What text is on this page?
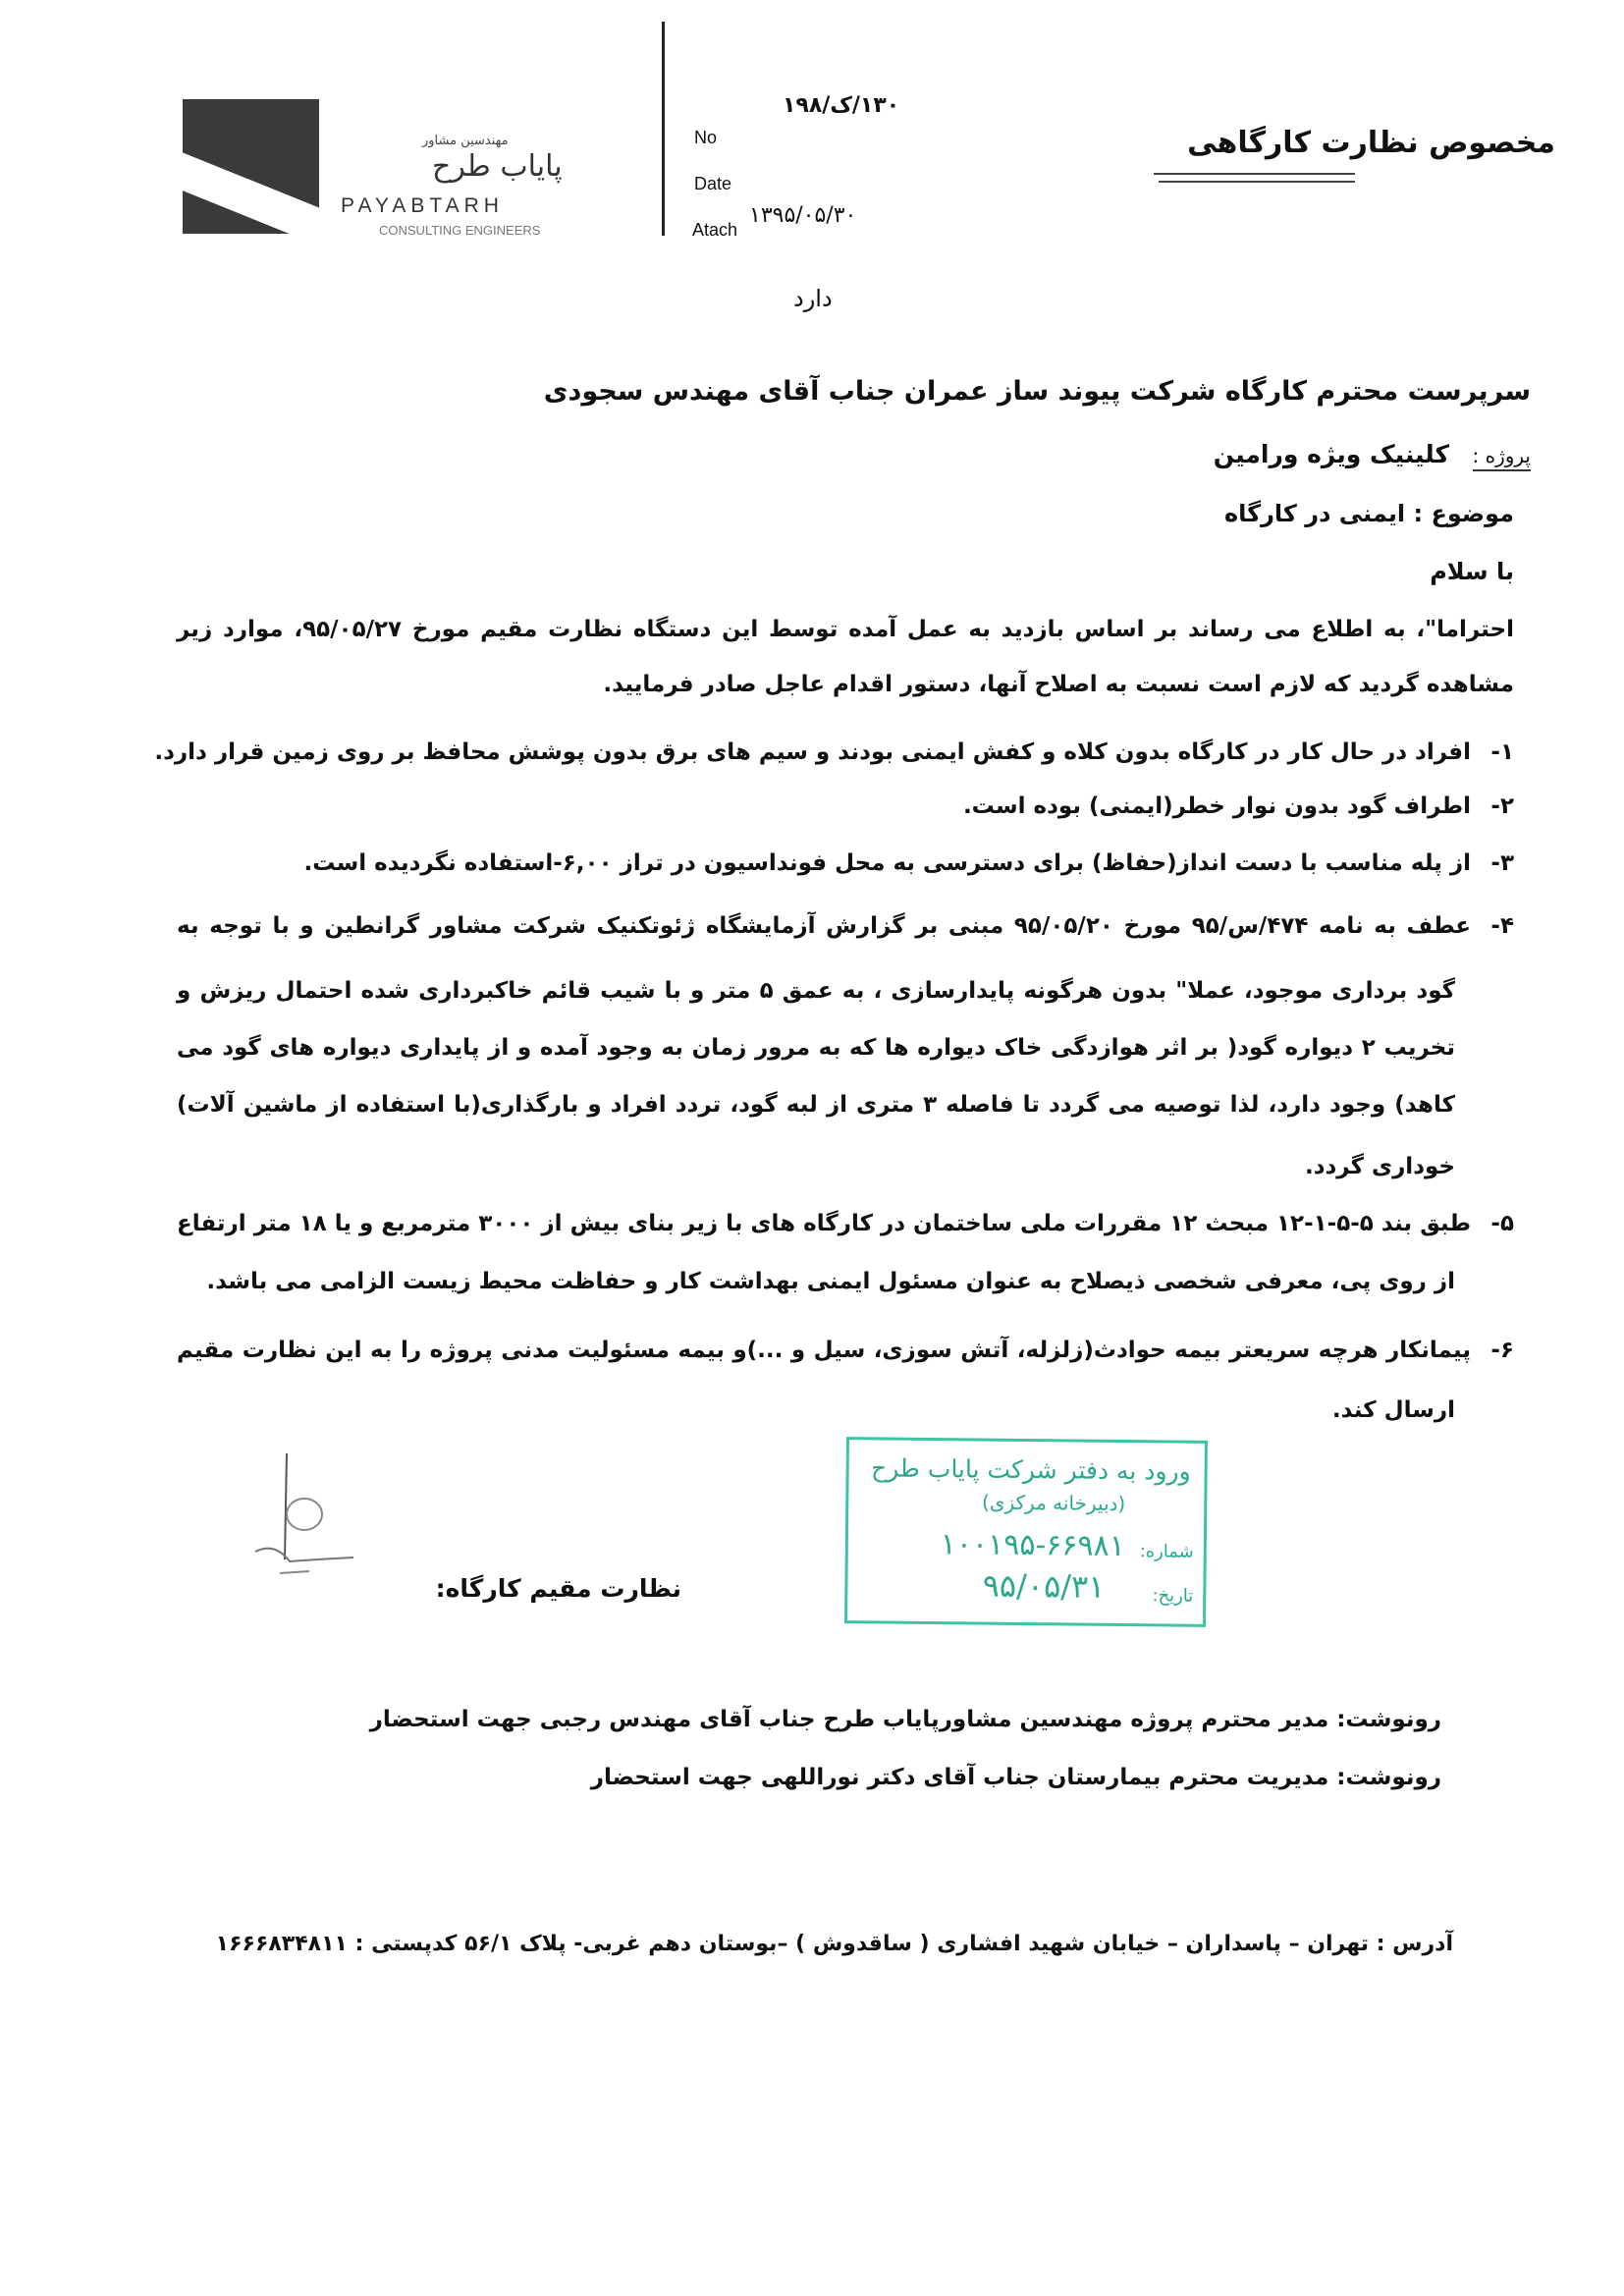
مهندسین مشاور
پایاب طرح
PAYABTARH
CONSULTING ENGINEERS
No
Date
Atach
۱۳۰/ک/۱۹۸
۱۳۹۵/۰۵/۳۰
دارد
مخصوص نظارت کارگاهی
سرپرست محترم کارگاه شرکت پیوند ساز عمران جناب آقای مهندس سجودی
پروژه :
کلینیک ویژه ورامین
موضوع : ایمنی در کارگاه
با سلام
احتراما"، به اطلاع می رساند بر اساس بازدید به عمل آمده توسط این دستگاه نظارت مقیم مورخ ۹۵/۰۵/۲۷، موارد زیر
مشاهده گردید که لازم است نسبت به اصلاح آنها، دستور اقدام عاجل صادر فرمایید.
۱-
افراد در حال کار در کارگاه بدون کلاه و کفش ایمنی بودند و سیم های برق بدون پوشش محافظ بر روی زمین قرار دارد.
۲-
اطراف گود بدون نوار خطر(ایمنی) بوده است.
۳-
از پله مناسب با دست انداز(حفاظ) برای دسترسی به محل فونداسیون در تراز ۶,۰۰-استفاده نگردیده است.
۴-
عطف به نامه ۴۷۴/س/۹۵ مورخ ۹۵/۰۵/۲۰ مبنی بر گزارش آزمایشگاه ژئوتکنیک شرکت مشاور گرانطین و با توجه به
گود برداری موجود، عملا" بدون هرگونه پایدارسازی ، به عمق ۵ متر و با شیب قائم خاکبرداری شده احتمال ریزش و
تخریب ۲ دیواره گود( بر اثر هوازدگی خاک دیواره ها که به مرور زمان به وجود آمده و از پایداری دیواره های گود می
کاهد) وجود دارد، لذا توصیه می گردد تا فاصله ۳ متری از لبه گود، تردد افراد و بارگذاری(با استفاده از ماشین آلات)
خوداری گردد.
۵-
طبق بند ۵-۵-۱-۱۲ مبحث ۱۲ مقررات ملی ساختمان در کارگاه های با زیر بنای بیش از ۳۰۰۰ مترمربع و یا ۱۸ متر ارتفاع
از روی پی، معرفی شخصی ذیصلاح به عنوان مسئول ایمنی بهداشت کار و حفاظت محیط زیست الزامی می باشد.
۶-
پیمانکار هرچه سریعتر بیمه حوادث(زلزله، آتش سوزی، سیل و ...)و بیمه مسئولیت مدنی پروژه را به این نظارت مقیم
ارسال کند.
نظارت مقیم کارگاه:
ورود به دفتر شرکت پایاب طرح
(دبیرخانه مرکزی)
شماره:
۱۰۰۱۹۵-۶۶۹۸۱
تاریخ:
۹۵/۰۵/۳۱
رونوشت: مدیر محترم پروژه مهندسین مشاورپایاب طرح جناب آقای مهندس رجبی جهت استحضار
رونوشت: مدیریت محترم بیمارستان جناب آقای دکتر نوراللهی جهت استحضار
آدرس : تهران – پاسداران – خیابان شهید افشاری ( ساقدوش ) –بوستان دهم غربی- پلاک ۵۶/۱ کدپستی : ۱۶۶۶۸۳۴۸۱۱
